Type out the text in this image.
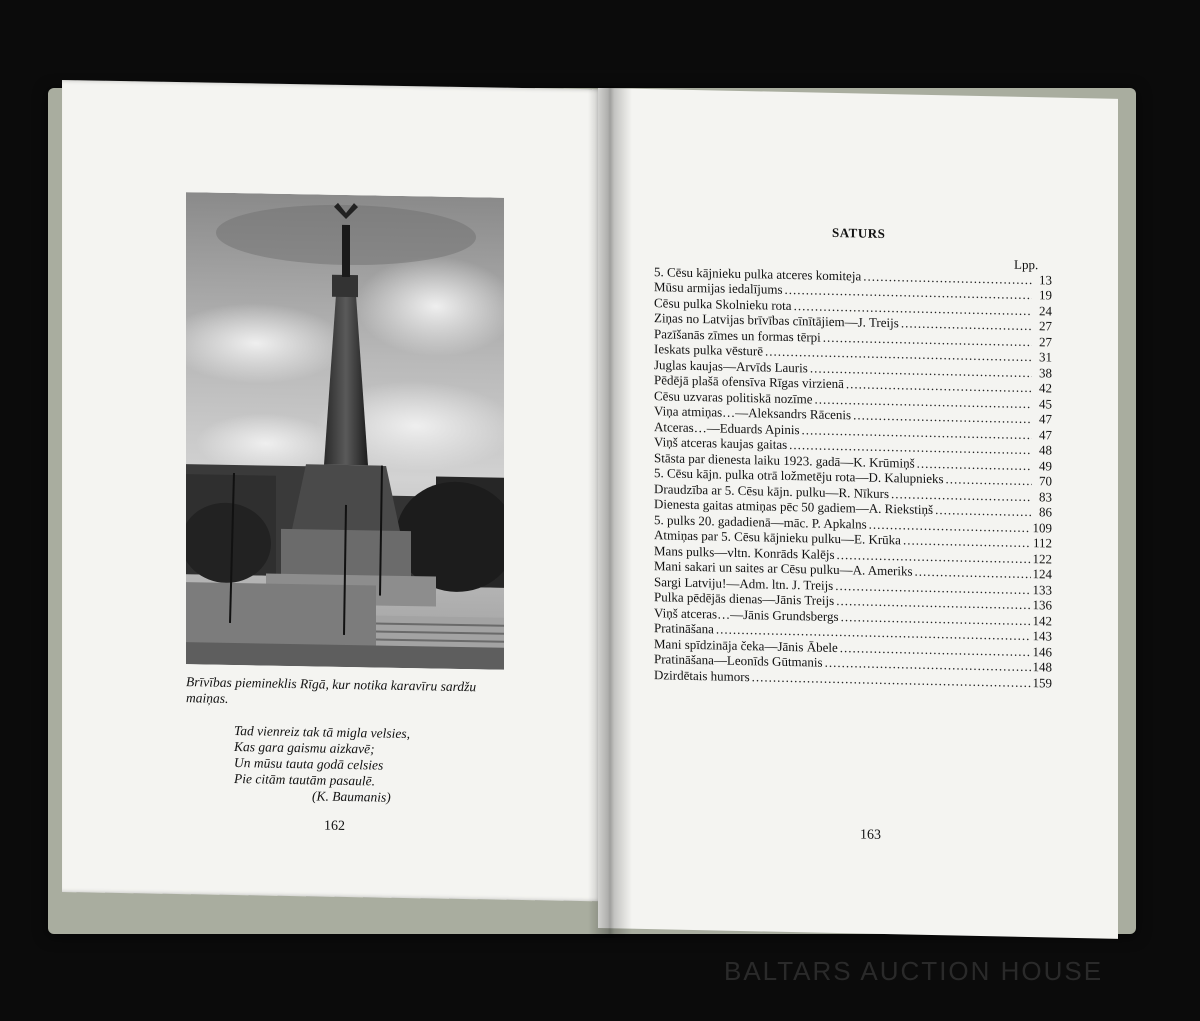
Brīvības piemineklis Rīgā, kur notika karavīru sardžu maiņas.
Tad vienreiz tak tā migla velsies,
Kas gara gaismu aizkavē;
Un mūsu tauta godā celsies
Pie citām tautām pasaulē.
(K. Baumanis)
162
SATURS
Lpp.
5. Cēsu kājnieku pulka atceres komiteja .....	13
Mūsu armijas iedalījums .....	19
Cēsu pulka Skolnieku rota .....	24
Ziņas no Latvijas brīvības cīnītājiem—J. Treijs .....	27
Pazīšanās zīmes un formas tērpi .....	27
Ieskats pulka vēsturē .....	31
Juglas kaujas—Arvīds Lauris .....	38
Pēdējā plašā ofensīva Rīgas virzienā .....	42
Cēsu uzvaras politiskā nozīme .....	45
Viņa atmiņas…—Aleksandrs Rācenis .....	47
Atceras…—Eduards Apinis .....	47
Viņš atceras kaujas gaitas .....	48
Stāsta par dienesta laiku 1923. gadā—K. Krūmiņš .....	49
5. Cēsu kājn. pulka otrā ložmetēju rota—D. Kalupnieks .....	70
Draudzība ar 5. Cēsu kājn. pulku—R. Nīkurs .....	83
Dienesta gaitas atmiņas pēc 50 gadiem—A. Riekstiņš .....	86
5. pulks 20. gadadienā—māc. P. Apkalns .....	109
Atmiņas par 5. Cēsu kājnieku pulku—E. Krūka .....	112
Mans pulks—vltn. Konrāds Kalējs .....	122
Mani sakari un saites ar Cēsu pulku—A. Ameriks .....	124
Sargi Latviju!—Adm. ltn. J. Treijs .....	133
Pulka pēdējās dienas—Jānis Treijs .....	136
Viņš atceras…—Jānis Grundsbergs .....	142
Pratināšana .....	143
Mani spīdzināja čeka—Jānis Ābele .....	146
Pratināšana—Leonīds Gūtmanis .....	148
Dzirdētais humors .....	159
163
BALTARS AUCTION HOUSE
